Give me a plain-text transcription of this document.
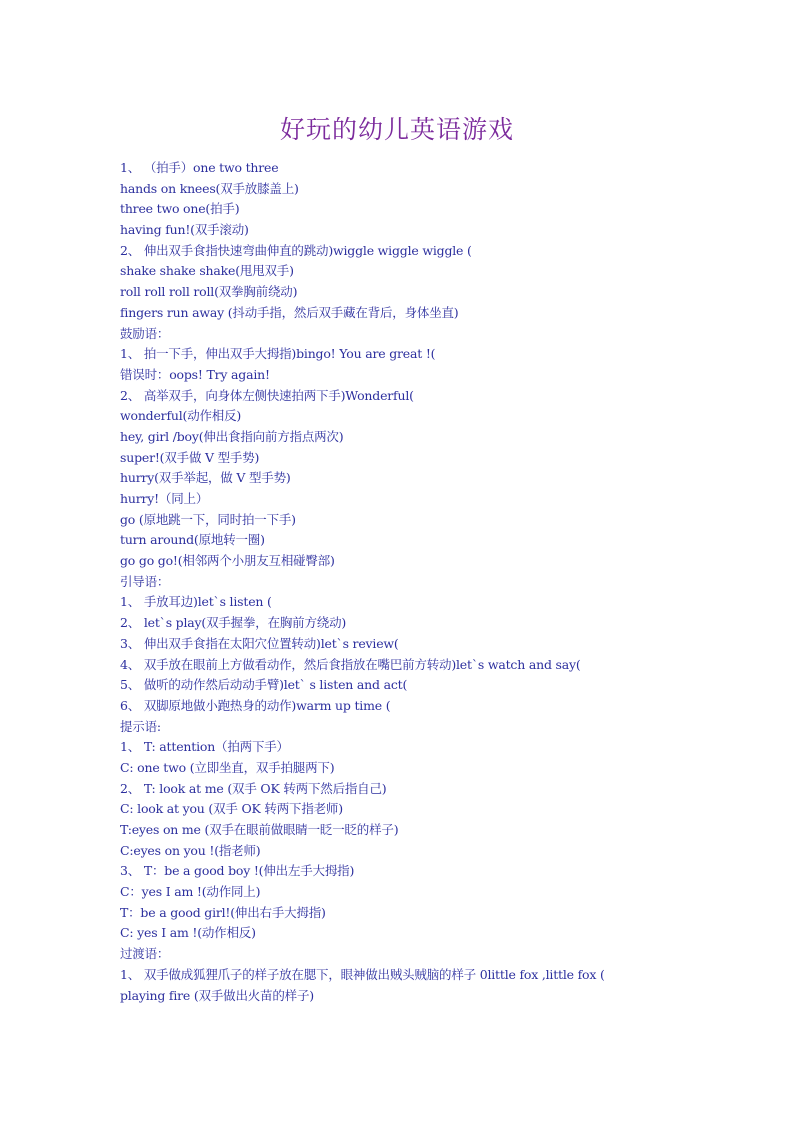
好玩的幼儿英语游戏
1、 （拍手）one two three
hands on knees(双手放膝盖上)
three two one(拍手)
having fun!(双手滚动)
2、 伸出双手食指快速弯曲伸直的跳动)wiggle wiggle wiggle (
shake shake shake(甩甩双手)
roll roll roll roll(双拳胸前绕动)
fingers run away (抖动手指，然后双手藏在背后，身体坐直)
鼓励语：
1、 拍一下手，伸出双手大拇指)bingo! You are great !(
错误时：oops! Try again!
2、 高举双手，向身体左侧快速拍两下手)Wonderful(
wonderful(动作相反)
hey, girl /boy(伸出食指向前方指点两次)
super!(双手做 V 型手势)
hurry(双手举起，做 V 型手势)
hurry!（同上）
go (原地跳一下，同时拍一下手)
turn around(原地转一圈)
go go go!(相邻两个小朋友互相碰臀部)
引导语：
1、 手放耳边)let`s listen (
2、 let`s play(双手握拳，在胸前方绕动)
3、 伸出双手食指在太阳穴位置转动)let`s review(
4、 双手放在眼前上方做看动作，然后食指放在嘴巴前方转动)let`s watch and say(
5、 做听的动作然后动动手臂)let` s listen and act(
6、 双脚原地做小跑热身的动作)warm up time (
提示语:
1、 T: attention（拍两下手）
C: one two (立即坐直，双手拍腿两下)
2、 T: look at me (双手 OK 转两下然后指自己)
C: look at you (双手 OK 转两下指老师)
T:eyes on me (双手在眼前做眼睛一眨一眨的样子)
C:eyes on you !(指老师)
3、 T：be a good boy !(伸出左手大拇指)
C：yes I am !(动作同上)
T：be a good girl!(伸出右手大拇指)
C: yes I am !(动作相反)
过渡语：
1、 双手做成狐狸爪子的样子放在腮下，眼神做出贼头贼脑的样子 0little fox ,little fox (
playing fire (双手做出火苗的样子)
